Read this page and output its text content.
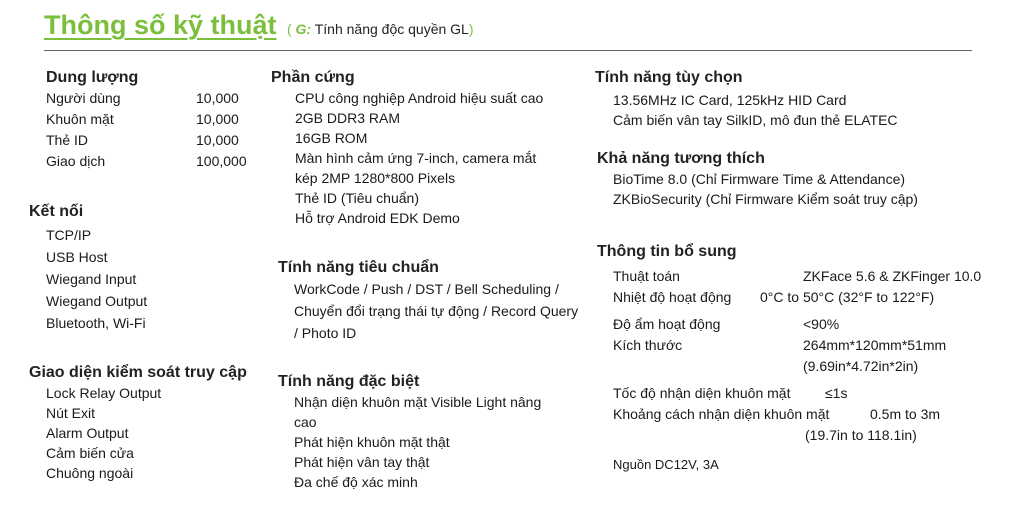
Thông số kỹ thuật ( G: Tính năng độc quyền GL)
Dung lượng
Người dùng	10,000
Khuôn mặt	10,000
Thẻ ID	10,000
Giao dịch	100,000
Kết nối
TCP/IP
USB Host
Wiegand Input
Wiegand Output
Bluetooth, Wi-Fi
Giao diện kiểm soát truy cập
Lock Relay Output
Nút Exit
Alarm Output
Cảm biến cửa
Chuông ngoài
Phần cứng
CPU công nghiệp Android hiệu suất cao
2GB DDR3 RAM
16GB ROM
Màn hình cảm ứng 7-inch, camera mắt kép 2MP 1280*800 Pixels
Thẻ ID (Tiêu chuẩn)
Hỗ trợ Android EDK Demo
Tính năng tiêu chuẩn
WorkCode / Push / DST / Bell Scheduling / Chuyển đổi trạng thái tự động / Record Query / Photo ID
Tính năng đặc biệt
Nhận diện khuôn mặt Visible Light nâng cao
Phát hiện khuôn mặt thật
Phát hiện vân tay thật
Đa chế độ xác minh
Tính năng tùy chọn
13.56MHz IC Card, 125kHz HID Card
Cảm biến vân tay SilkID, mô đun thẻ ELATEC
Khả năng tương thích
BioTime 8.0 (Chỉ Firmware Time & Attendance)
ZKBioSecurity (Chỉ Firmware Kiểm soát truy cập)
Thông tin bổ sung
Thuật toán	ZKFace 5.6 & ZKFinger 10.0
Nhiệt độ hoạt động	0°C to 50°C (32°F to 122°F)
Độ ẩm hoạt động	<90%
Kích thước	264mm*120mm*51mm
(9.69in*4.72in*2in)
Tốc độ nhận diện khuôn mặt	≤1s
Khoảng cách nhận diện khuôn mặt	0.5m to 3m
(19.7in to 118.1in)
Nguồn DC12V, 3A
